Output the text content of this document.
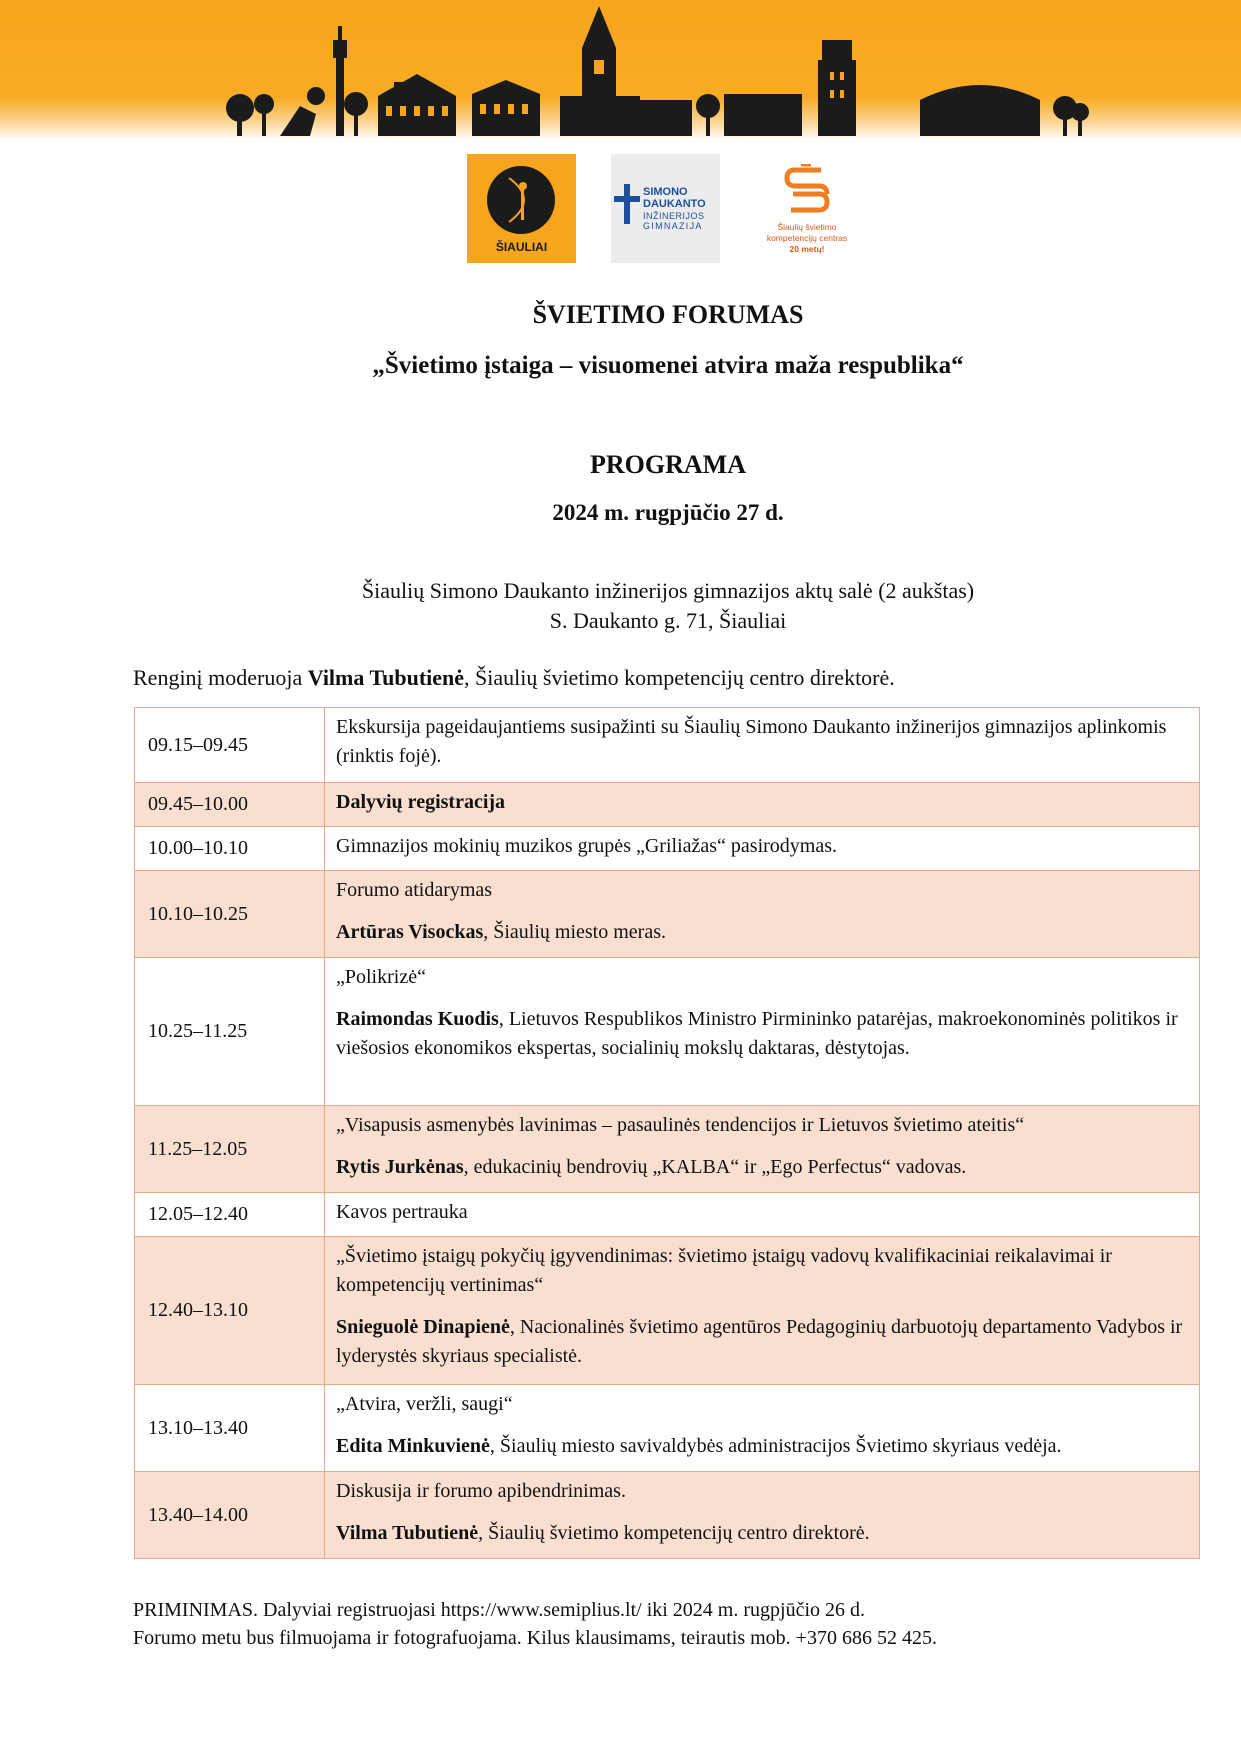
ŠIAULIAI
SIMONO
DAUKANTO
INŽINERIJOS
GIMNAZIJA	Šiaulių švietimo
kompetencijų centras
20 metų!
ŠVIETIMO FORUMAS
„Švietimo įstaiga – visuomenei atvira maža respublika“
PROGRAMA
2024 m. rugpjūčio 27 d.
Šiaulių Simono Daukanto inžinerijos gimnazijos aktų salė (2 aukštas)
S. Daukanto g. 71, Šiauliai
Renginį moderuoja Vilma Tubutienė, Šiaulių švietimo kompetencijų centro direktorė.
09.15–09.45	Ekskursija pageidaujantiems susipažinti su Šiaulių Simono Daukanto inžinerijos gimnazijos aplinkomis (rinktis fojė).

09.45–10.00	Dalyvių registracija

10.00–10.10	Gimnazijos mokinių muzikos grupės „Griliažas“ pasirodymas.

10.10–10.25	Forumo atidarymas

Artūras Visockas, Šiaulių miesto meras.

10.25–11.25	„Polikrizė“

Raimondas Kuodis, Lietuvos Respublikos Ministro Pirmininko patarėjas, makroekonominės politikos ir viešosios ekonomikos ekspertas, socialinių mokslų daktaras, dėstytojas.

11.25–12.05	„Visapusis asmenybės lavinimas – pasaulinės tendencijos ir Lietuvos švietimo ateitis“

Rytis Jurkėnas, edukacinių bendrovių „KALBA“ ir „Ego Perfectus“ vadovas.

12.05–12.40	Kavos pertrauka

12.40–13.10	„Švietimo įstaigų pokyčių įgyvendinimas: švietimo įstaigų vadovų kvalifikaciniai reikalavimai ir kompetencijų vertinimas“

Snieguolė Dinapienė, Nacionalinės švietimo agentūros Pedagoginių darbuotojų departamento Vadybos ir lyderystės skyriaus specialistė.

13.10–13.40	„Atvira, veržli, saugi“

Edita Minkuvienė, Šiaulių miesto savivaldybės administracijos Švietimo skyriaus vedėja.

13.40–14.00	Diskusija ir forumo apibendrinimas.

Vilma Tubutienė, Šiaulių švietimo kompetencijų centro direktorė.

PRIMINIMAS. Dalyviai registruojasi https://www.semiplius.lt/ iki 2024 m. rugpjūčio 26 d.
Forumo metu bus filmuojama ir fotografuojama. Kilus klausimams, teirautis mob. +370 686 52 425.
